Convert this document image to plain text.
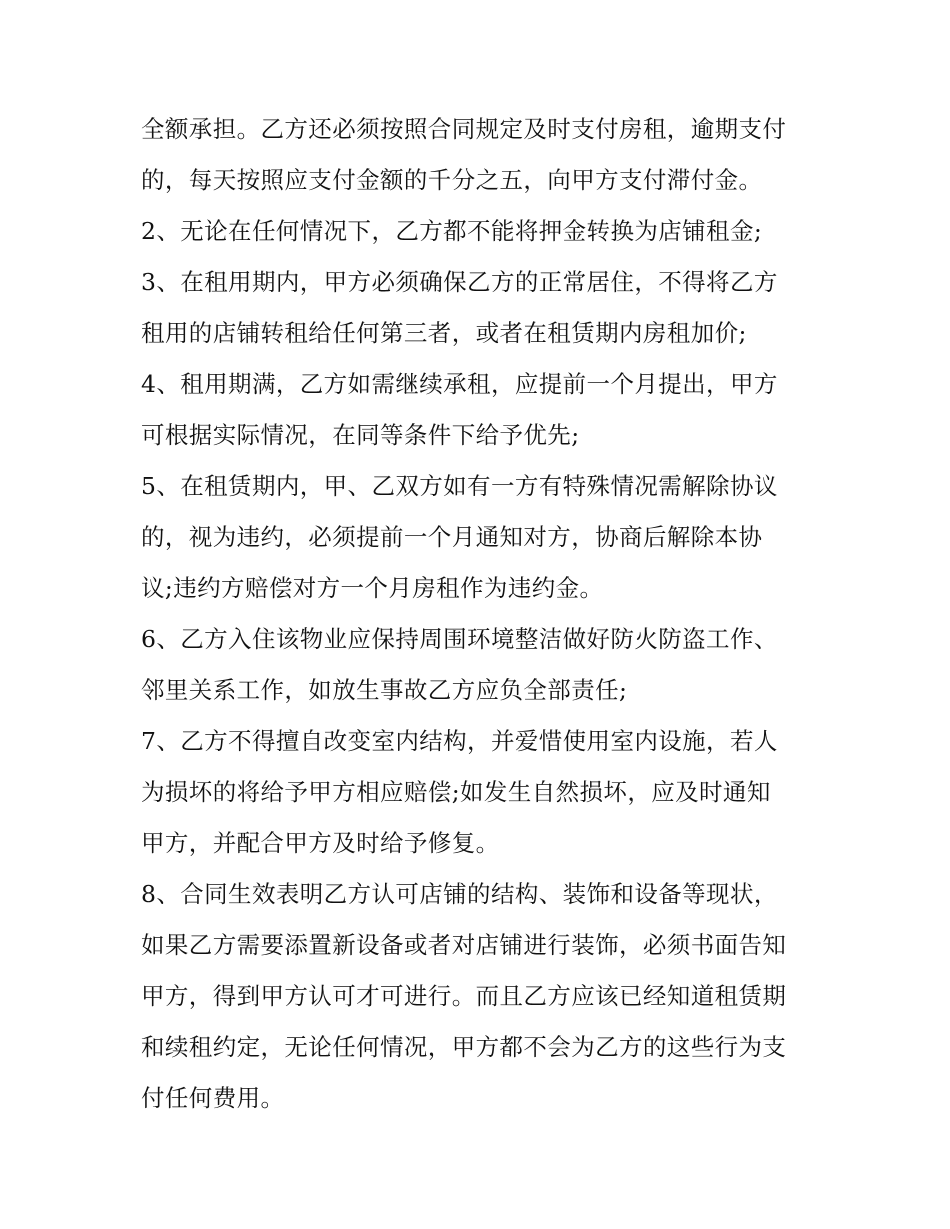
全额承担。乙方还必须按照合同规定及时支付房租，逾期支付
的，每天按照应支付金额的千分之五，向甲方支付滞付金。
2、无论在任何情况下，乙方都不能将押金转换为店铺租金;
3、在租用期内，甲方必须确保乙方的正常居住，不得将乙方
租用的店铺转租给任何第三者，或者在租赁期内房租加价;
4、租用期满，乙方如需继续承租，应提前一个月提出，甲方
可根据实际情况，在同等条件下给予优先;
5、在租赁期内，甲、乙双方如有一方有特殊情况需解除协议
的，视为违约，必须提前一个月通知对方，协商后解除本协
议;违约方赔偿对方一个月房租作为违约金。
6、乙方入住该物业应保持周围环境整洁做好防火防盗工作、
邻里关系工作，如放生事故乙方应负全部责任;
7、乙方不得擅自改变室内结构，并爱惜使用室内设施，若人
为损坏的将给予甲方相应赔偿;如发生自然损坏，应及时通知
甲方，并配合甲方及时给予修复。
8、合同生效表明乙方认可店铺的结构、装饰和设备等现状，
如果乙方需要添置新设备或者对店铺进行装饰，必须书面告知
甲方，得到甲方认可才可进行。而且乙方应该已经知道租赁期
和续租约定，无论任何情况，甲方都不会为乙方的这些行为支
付任何费用。
